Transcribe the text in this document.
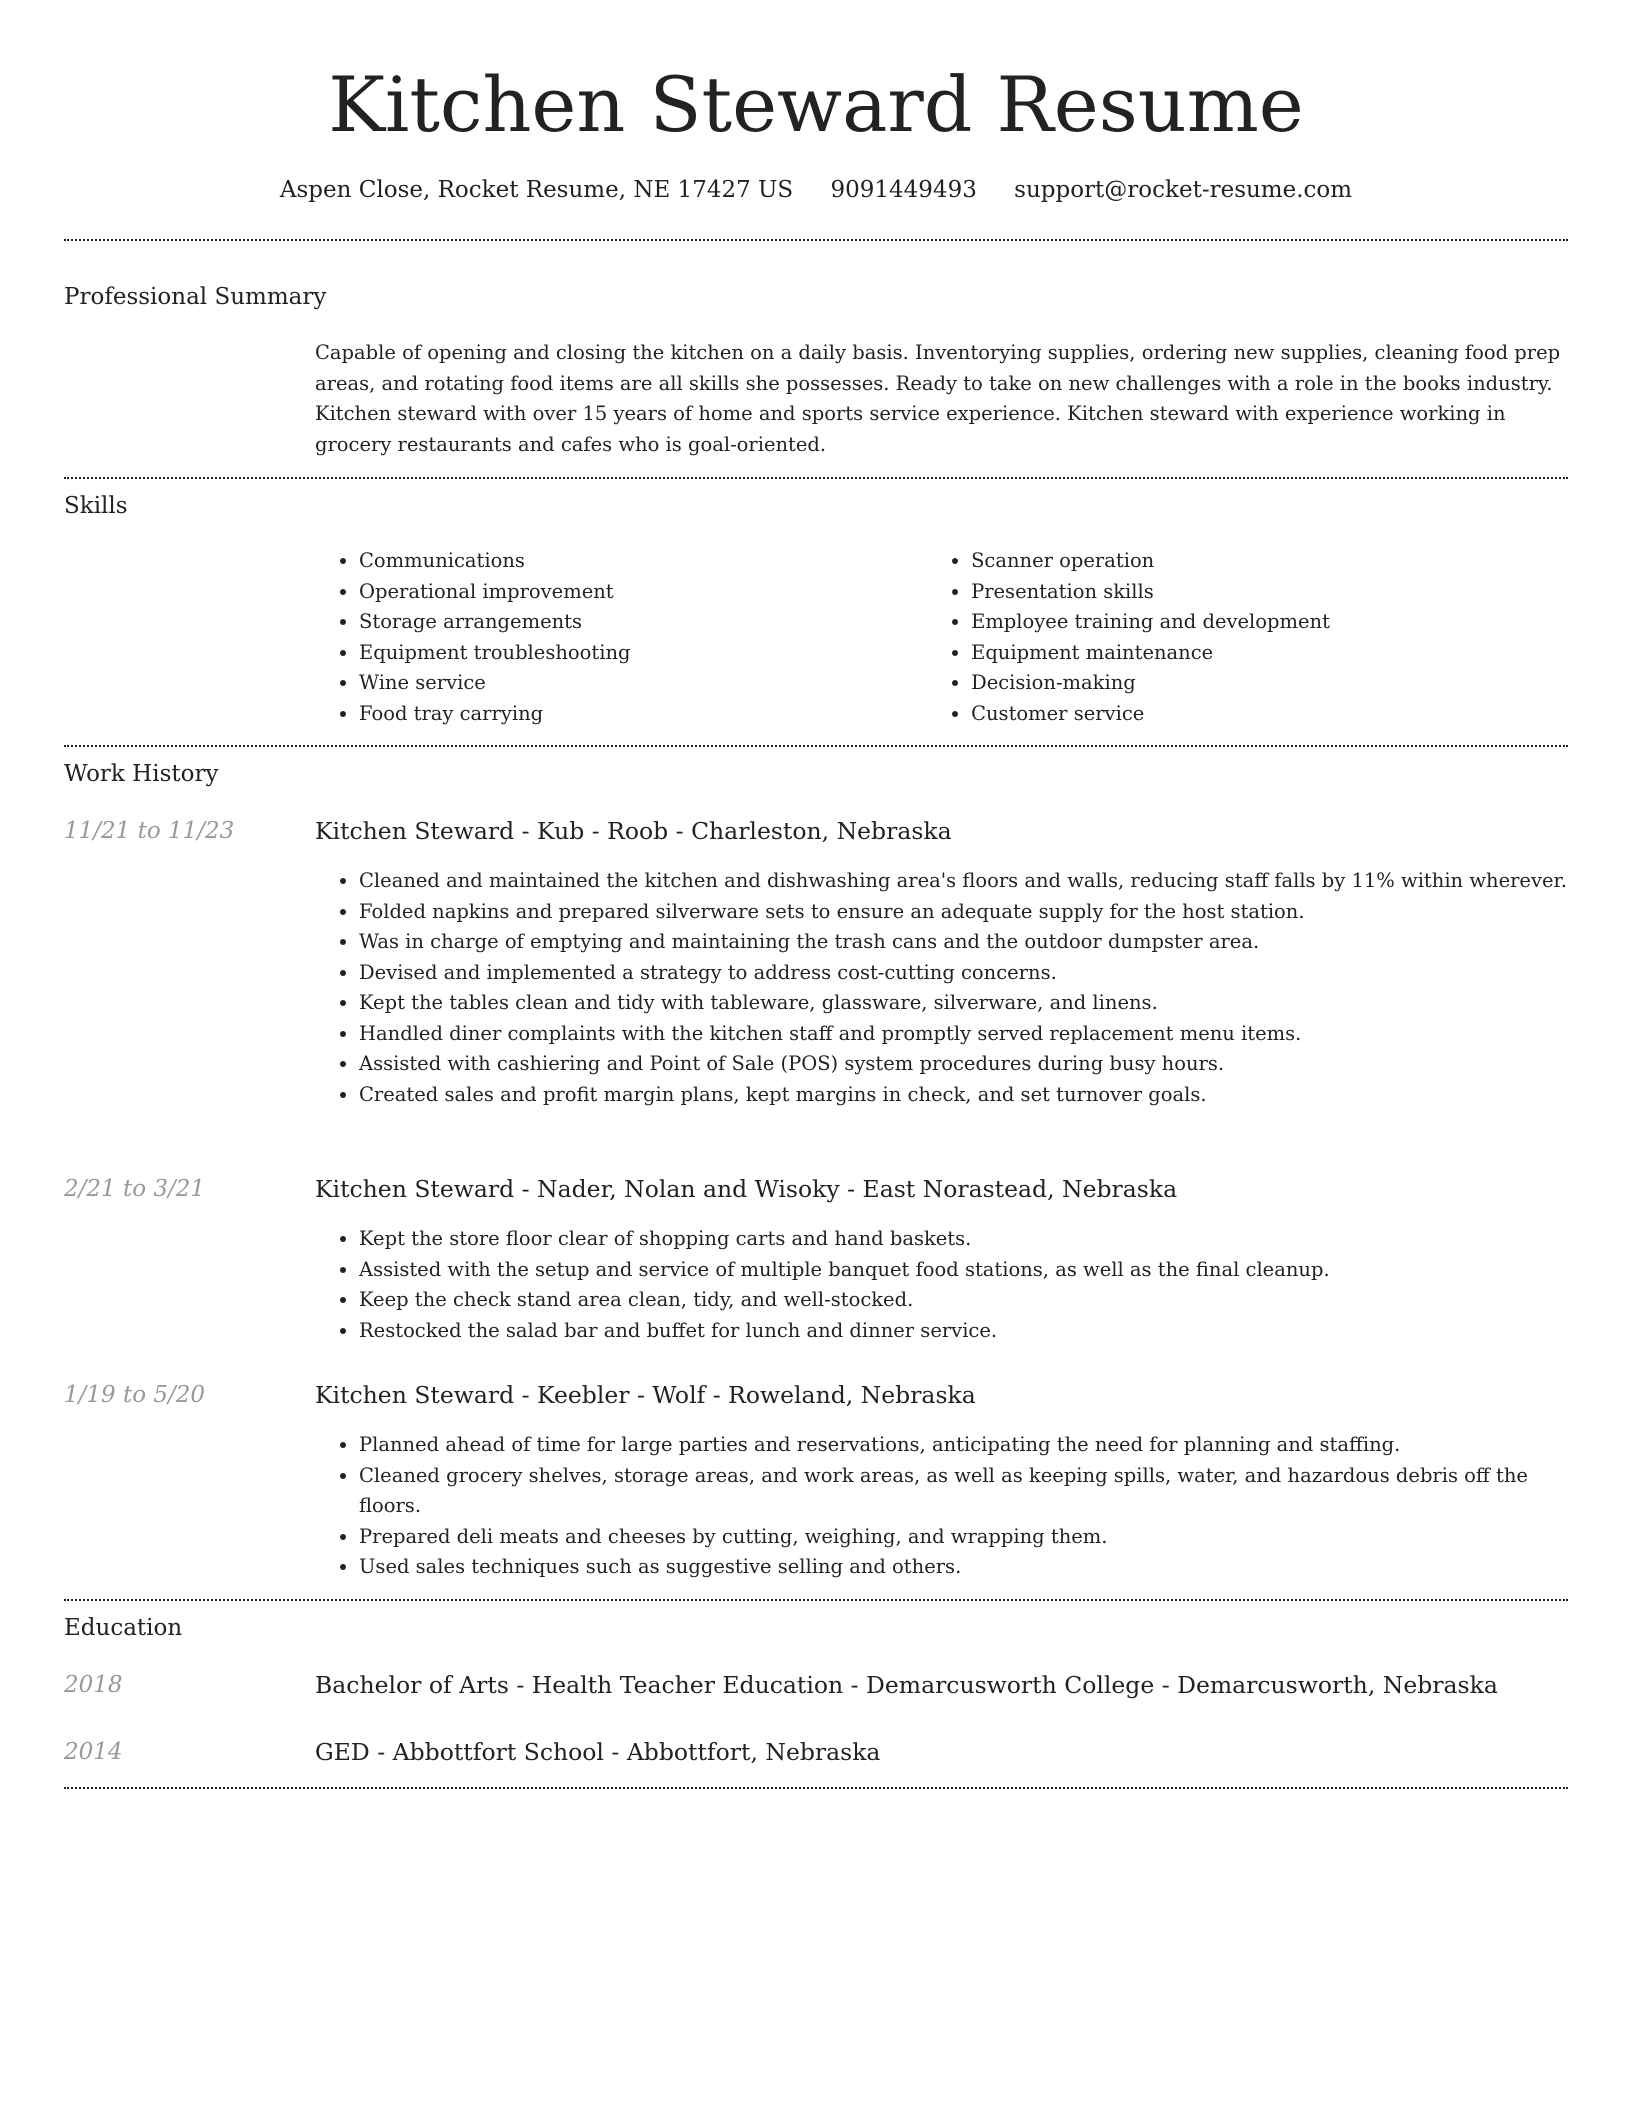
Kitchen Steward Resume
Aspen Close, Rocket Resume, NE 17427 US 9091449493 support@rocket-resume.com
Professional Summary
Capable of opening and closing the kitchen on a daily basis. Inventorying supplies, ordering new supplies, cleaning food prep areas, and rotating food items are all skills she possesses. Ready to take on new challenges with a role in the books industry. Kitchen steward with over 15 years of home and sports service experience. Kitchen steward with experience working in grocery restaurants and cafes who is goal-oriented.
Skills
• Communications
• Operational improvement
• Storage arrangements
• Equipment troubleshooting
• Wine service
• Food tray carrying
• Scanner operation
• Presentation skills
• Employee training and development
• Equipment maintenance
• Decision-making
• Customer service
Work History
11/21 to 11/23	Kitchen Steward - Kub - Roob - Charleston, Nebraska
• Cleaned and maintained the kitchen and dishwashing area's floors and walls, reducing staff falls by 11% within wherever.
• Folded napkins and prepared silverware sets to ensure an adequate supply for the host station.
• Was in charge of emptying and maintaining the trash cans and the outdoor dumpster area.
• Devised and implemented a strategy to address cost-cutting concerns.
• Kept the tables clean and tidy with tableware, glassware, silverware, and linens.
• Handled diner complaints with the kitchen staff and promptly served replacement menu items.
• Assisted with cashiering and Point of Sale (POS) system procedures during busy hours.
• Created sales and profit margin plans, kept margins in check, and set turnover goals.
2/21 to 3/21	Kitchen Steward - Nader, Nolan and Wisoky - East Norastead, Nebraska
• Kept the store floor clear of shopping carts and hand baskets.
• Assisted with the setup and service of multiple banquet food stations, as well as the final cleanup.
• Keep the check stand area clean, tidy, and well-stocked.
• Restocked the salad bar and buffet for lunch and dinner service.
1/19 to 5/20	Kitchen Steward - Keebler - Wolf - Roweland, Nebraska
• Planned ahead of time for large parties and reservations, anticipating the need for planning and staffing.
• Cleaned grocery shelves, storage areas, and work areas, as well as keeping spills, water, and hazardous debris off the floors.
• Prepared deli meats and cheeses by cutting, weighing, and wrapping them.
• Used sales techniques such as suggestive selling and others.
Education
2018	Bachelor of Arts - Health Teacher Education - Demarcusworth College - Demarcusworth, Nebraska
2014	GED - Abbottfort School - Abbottfort, Nebraska
